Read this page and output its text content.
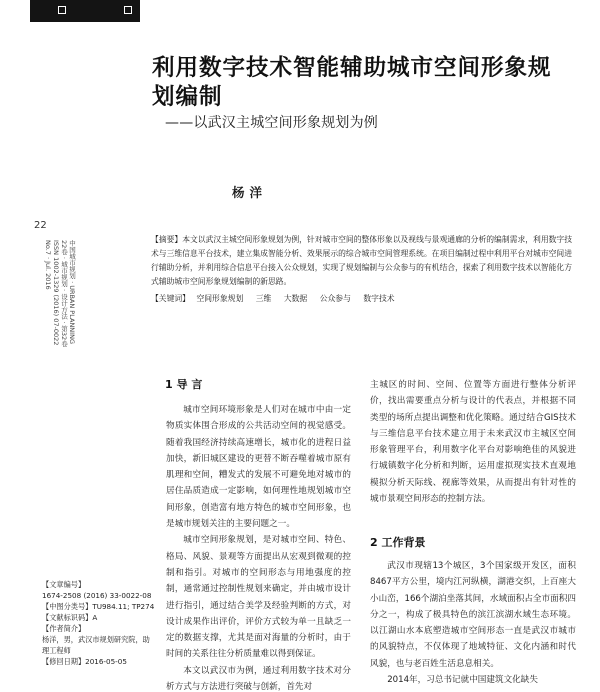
利用数字技术智能辅助城市空间形象规划编制
——以武汉主城空间形象规划为例
杨洋
22
中国城市规划 · URBAN PLANNING
22卷 · 城市规划 · 设计方法 · 第32卷
ISSN 1002-1329 (2016) 07-0022
No.7 · Jul. 2016

【摘要】本文以武汉主城空间形象规划为例，针对城市空间的整体形象以及视线与景观通廊的分析的编制需求，利用数字技术与三维信息平台技术，建立集成智能分析、效果展示的综合城市空间管理系统。在项目编制过程中利用平台对城市空间进行辅助分析，并利用综合信息平台接入公众规划，实现了规划编制与公众参与的有机结合，探索了利用数字技术以智能化方式辅助城市空间形象规划编制的新思路。

【关键词】 空间形象规划 三维 大数据 公众参与 数字技术

1 导 言

城市空间环境形象是人们对在城市中由一定物质实体围合形成的公共活动空间的视觉感受。随着我国经济持续高速增长，城市化的进程日益加快，新旧城区建设的更替不断吞噬着城市原有肌理和空间，糟发式的发展不可避免地对城市的居住品质造成一定影响，如何理性地规划城市空间形象，创造富有地方特色的城市空间形象，也是城市规划关注的主要问题之一。

城市空间形象规划，是对城市空间、特色、格局、风貌、景观等方面提出从宏观到微观的控制和指引。对城市的空间形态与用地强度的控制，通常通过控制性规划来确定，并由城市设计进行指引，通过结合美学及经验判断的方式，对设计成果作出评价，评价方式较为单一且缺乏一定的数据支撑，尤其是面对海量的分析时，由于时间的关系往往分析质量难以得到保证。

本文以武汉市为例，通过利用数字技术对分析方式与方法进行突破与创新，首先对

主城区的时间、空间、位置等方面进行整体分析评价，找出需要重点分析与设计的代表点，并根据不同类型的场所点提出调整和优化策略。通过结合GIS技术与三维信息平台技术建立用于未来武汉市主城区空间形象管理平台，利用数字化平台对影响绝佳的风貌进行城镇数字化分析和判断，运用虚拟现实技术直观地模拟分析天际线、视廊等效果，从而提出有针对性的城市景观空间形态的控制方法。

2 工作背景

武汉市现辖13个城区，3个国家级开发区，面积8467平方公里，境内江河纵横，湖港交织，上百座大小山峦，166个湖泊坐落其间，水域面积占全市面积四分之一，构成了极具特色的滨江滨湖水域生态环境。以江湖山水本底塑造城市空间形态一直是武汉市城市的风貌特点，不仅体现了地域特征、文化内涵和时代风貌，也与老百姓生活息息相关。

2014年，习总书记就中国建筑文化缺失

【文章编号】
1674-2508 (2016) 33-0022-08
【中图分类号】TU984.11; TP274
【文献标识码】A
【作者简介】
杨洋，男，武汉市规划研究院，助
理工程师
【修回日期】2016-05-05
